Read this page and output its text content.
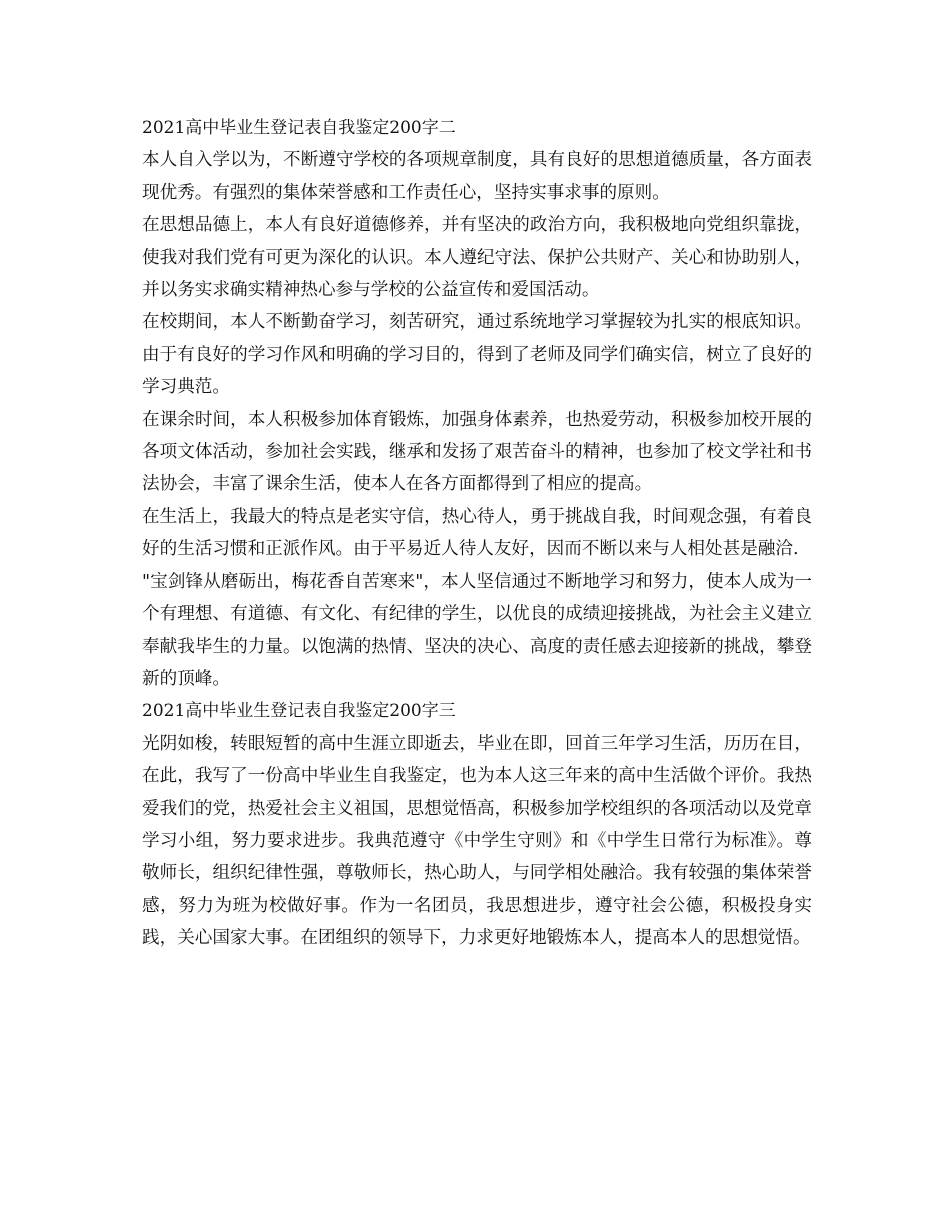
2021高中毕业生登记表自我鉴定200字二

本人自入学以为，不断遵守学校的各项规章制度，具有良好的思想道德质量，各方面表现优秀。有强烈的集体荣誉感和工作责任心，坚持实事求事的原则。

在思想品德上，本人有良好道德修养，并有坚决的政治方向，我积极地向党组织靠拢，使我对我们党有可更为深化的认识。本人遵纪守法、保护公共财产、关心和协助别人，并以务实求确实精神热心参与学校的公益宣传和爱国活动。

在校期间，本人不断勤奋学习，刻苦研究，通过系统地学习掌握较为扎实的根底知识。由于有良好的学习作风和明确的学习目的，得到了老师及同学们确实信，树立了良好的学习典范。

在课余时间，本人积极参加体育锻炼，加强身体素养，也热爱劳动，积极参加校开展的各项文体活动，参加社会实践，继承和发扬了艰苦奋斗的精神，也参加了校文学社和书法协会，丰富了课余生活，使本人在各方面都得到了相应的提高。

在生活上，我最大的特点是老实守信，热心待人，勇于挑战自我，时间观念强，有着良好的生活习惯和正派作风。由于平易近人待人友好，因而不断以来与人相处甚是融洽.

"宝剑锋从磨砺出，梅花香自苦寒来"，本人坚信通过不断地学习和努力，使本人成为一个有理想、有道德、有文化、有纪律的学生，以优良的成绩迎接挑战，为社会主义建立奉献我毕生的力量。以饱满的热情、坚决的决心、高度的责任感去迎接新的挑战，攀登新的顶峰。

2021高中毕业生登记表自我鉴定200字三

光阴如梭，转眼短暂的高中生涯立即逝去，毕业在即，回首三年学习生活，历历在目，在此，我写了一份高中毕业生自我鉴定，也为本人这三年来的高中生活做个评价。我热爱我们的党，热爱社会主义祖国，思想觉悟高，积极参加学校组织的各项活动以及党章学习小组，努力要求进步。我典范遵守《中学生守则》和《中学生日常行为标准》。尊敬师长，组织纪律性强，尊敬师长，热心助人，与同学相处融洽。我有较强的集体荣誉感，努力为班为校做好事。作为一名团员，我思想进步，遵守社会公德，积极投身实践，关心国家大事。在团组织的领导下，力求更好地锻炼本人，提高本人的思想觉悟。
